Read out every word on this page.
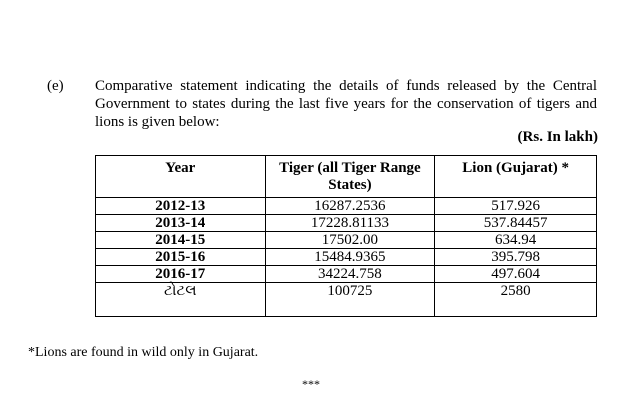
(e) Comparative statement indicating the details of funds released by the Central Government to states during the last five years for the conservation of tigers and lions is given below:
(Rs. In lakh)
Year	Tiger (all Tiger Range States)	Lion (Gujarat) *
2012-13	16287.2536	517.926
2013-14	17228.81133	537.84457
2014-15	17502.00	634.94
2015-16	15484.9365	395.798
2016-17	34224.758	497.604
ટોટલ	100725	2580
*Lions are found in wild only in Gujarat.
***
